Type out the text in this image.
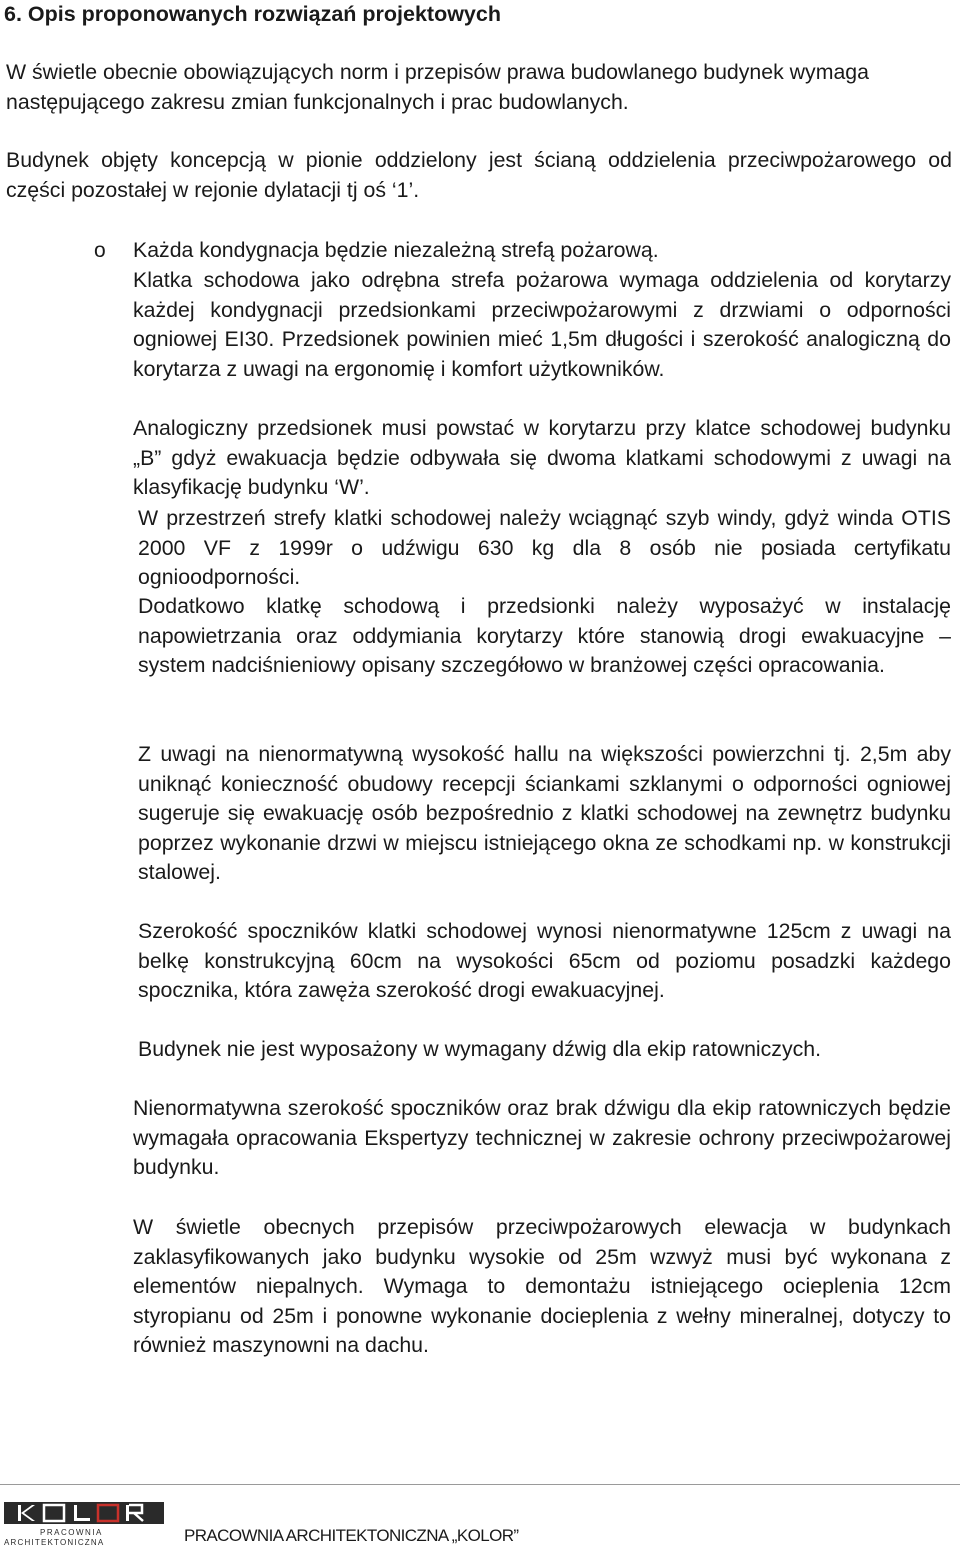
6. Opis proponowanych rozwiązań projektowych

W świetle obecnie obowiązujących norm i przepisów prawa budowlanego budynek wymaga następującego zakresu zmian funkcjonalnych i prac budowlanych.

Budynek objęty koncepcją w pionie oddzielony jest ścianą oddzielenia przeciwpożarowego od części pozostałej w rejonie dylatacji tj oś ‘1’.

o Każda kondygnacja będzie niezależną strefą pożarową.

Klatka schodowa jako odrębna strefa pożarowa wymaga oddzielenia od korytarzy każdej kondygnacji przedsionkami przeciwpożarowymi z drzwiami o odporności ogniowej EI30. Przedsionek powinien mieć 1,5m długości i szerokość analogiczną do korytarza z uwagi na ergonomię i komfort użytkowników.

Analogiczny przedsionek musi powstać w korytarzu przy klatce schodowej budynku „B” gdyż ewakuacja będzie odbywała się dwoma klatkami schodowymi z uwagi na klasyfikację budynku ‘W’.

W przestrzeń strefy klatki schodowej należy wciągnąć szyb windy, gdyż winda OTIS 2000 VF z 1999r o udźwigu 630 kg dla 8 osób nie posiada certyfikatu ognioodporności.

Dodatkowo klatkę schodową i przedsionki należy wyposażyć w instalację napowietrzania oraz oddymiania korytarzy które stanowią drogi ewakuacyjne – system nadciśnieniowy opisany szczegółowo w branżowej części opracowania.

Z uwagi na nienormatywną wysokość hallu na większości powierzchni tj. 2,5m aby uniknąć konieczność obudowy recepcji ściankami szklanymi o odporności ogniowej sugeruje się ewakuację osób bezpośrednio z klatki schodowej na zewnętrz budynku poprzez wykonanie drzwi w miejscu istniejącego okna ze schodkami np. w konstrukcji stalowej.

Szerokość spoczników klatki schodowej wynosi nienormatywne 125cm z uwagi na belkę konstrukcyjną 60cm na wysokości 65cm od poziomu posadzki każdego spocznika, która zawęża szerokość drogi ewakuacyjnej.

Budynek nie jest wyposażony w wymagany dźwig dla ekip ratowniczych.

Nienormatywna szerokość spoczników oraz brak dźwigu dla ekip ratowniczych będzie wymagała opracowania Ekspertyzy technicznej w zakresie ochrony przeciwpożarowej budynku.

W świetle obecnych przepisów przeciwpożarowych elewacja w budynkach zaklasyfikowanych jako budynku wysokie od 25m wzwyż musi być wykonana z elementów niepalnych. Wymaga to demontażu istniejącego ocieplenia 12cm styropianu od 25m i ponowne wykonanie docieplenia z wełny mineralnej, dotyczy to również maszynowni na dachu.

PRACOWNIA
ARCHITEKTONICZNA	PRACOWNIA ARCHITEKTONICZNA „KOLOR”
